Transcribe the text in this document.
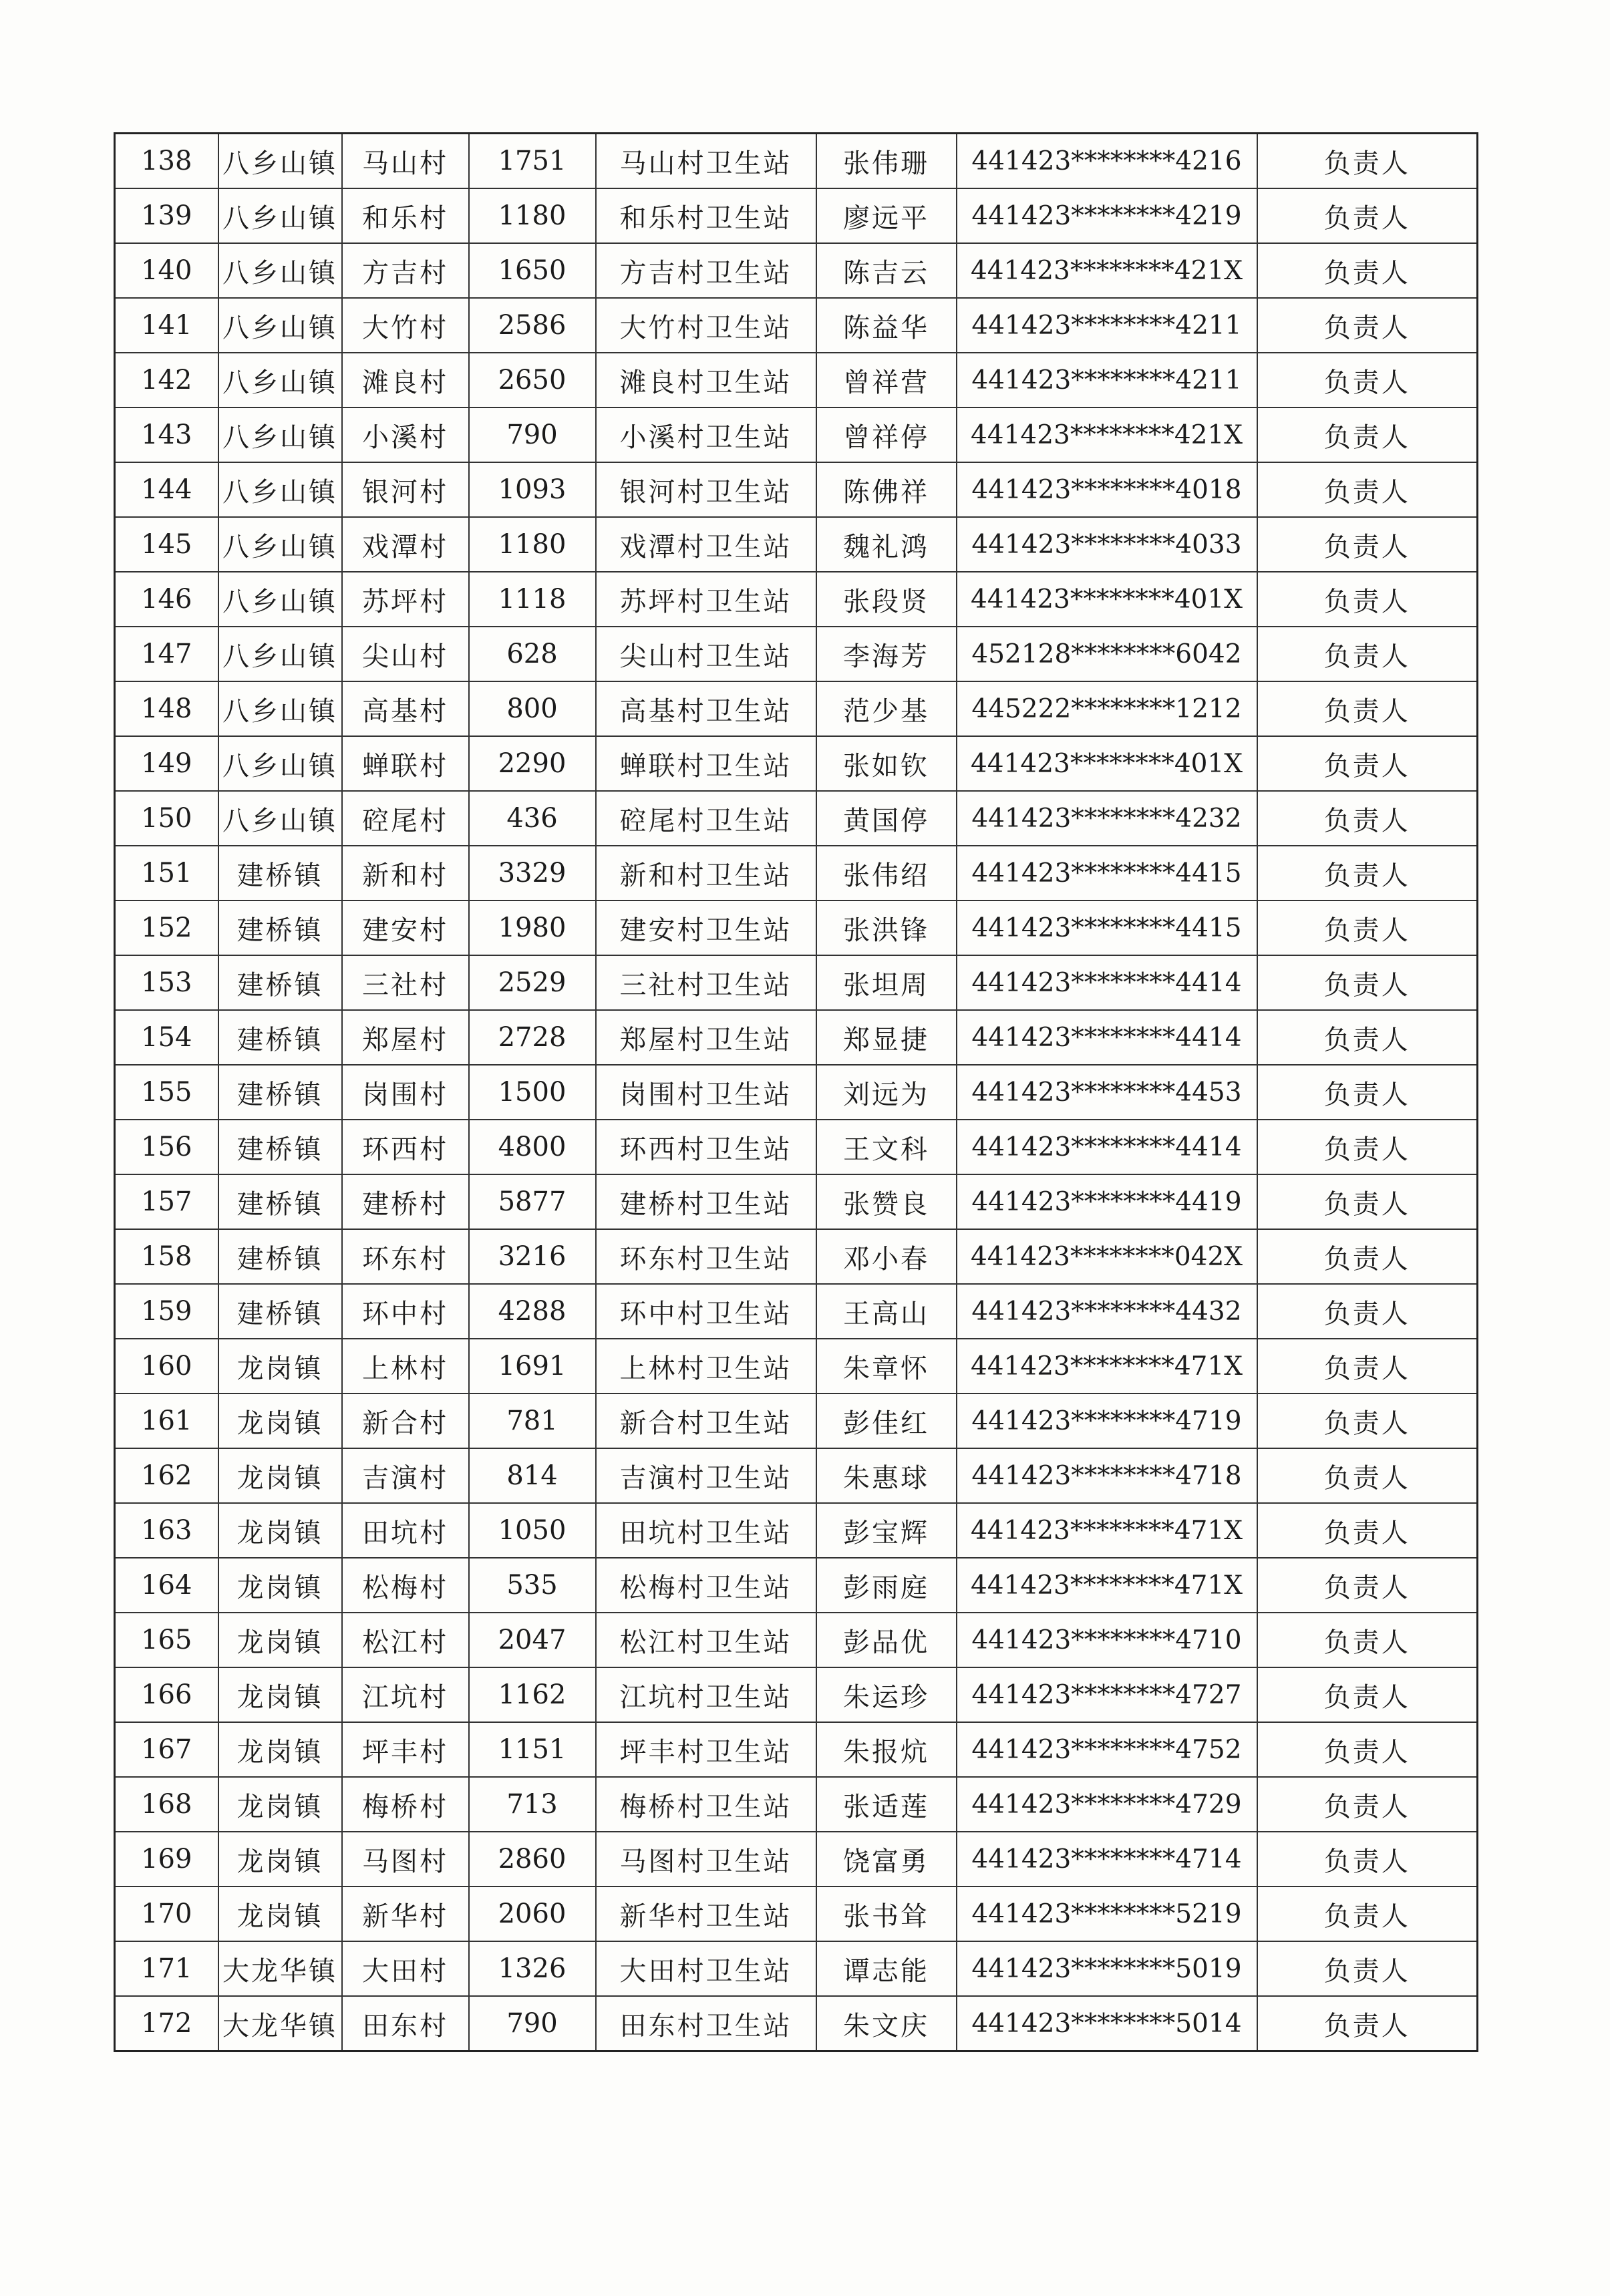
138	八乡山镇	马山村	1751	马山村卫生站	张伟珊	441423********4216	负责人
139	八乡山镇	和乐村	1180	和乐村卫生站	廖远平	441423********4219	负责人
140	八乡山镇	方吉村	1650	方吉村卫生站	陈吉云	441423********421X	负责人
141	八乡山镇	大竹村	2586	大竹村卫生站	陈益华	441423********4211	负责人
142	八乡山镇	滩良村	2650	滩良村卫生站	曾祥营	441423********4211	负责人
143	八乡山镇	小溪村	790	小溪村卫生站	曾祥停	441423********421X	负责人
144	八乡山镇	银河村	1093	银河村卫生站	陈佛祥	441423********4018	负责人
145	八乡山镇	戏潭村	1180	戏潭村卫生站	魏礼鸿	441423********4033	负责人
146	八乡山镇	苏坪村	1118	苏坪村卫生站	张段贤	441423********401X	负责人
147	八乡山镇	尖山村	628	尖山村卫生站	李海芳	452128********6042	负责人
148	八乡山镇	高基村	800	高基村卫生站	范少基	445222********1212	负责人
149	八乡山镇	蝉联村	2290	蝉联村卫生站	张如钦	441423********401X	负责人
150	八乡山镇	硿尾村	436	硿尾村卫生站	黄国停	441423********4232	负责人
151	建桥镇	新和村	3329	新和村卫生站	张伟绍	441423********4415	负责人
152	建桥镇	建安村	1980	建安村卫生站	张洪锋	441423********4415	负责人
153	建桥镇	三社村	2529	三社村卫生站	张坦周	441423********4414	负责人
154	建桥镇	郑屋村	2728	郑屋村卫生站	郑显捷	441423********4414	负责人
155	建桥镇	岗围村	1500	岗围村卫生站	刘远为	441423********4453	负责人
156	建桥镇	环西村	4800	环西村卫生站	王文科	441423********4414	负责人
157	建桥镇	建桥村	5877	建桥村卫生站	张赞良	441423********4419	负责人
158	建桥镇	环东村	3216	环东村卫生站	邓小春	441423********042X	负责人
159	建桥镇	环中村	4288	环中村卫生站	王高山	441423********4432	负责人
160	龙岗镇	上林村	1691	上林村卫生站	朱章怀	441423********471X	负责人
161	龙岗镇	新合村	781	新合村卫生站	彭佳红	441423********4719	负责人
162	龙岗镇	吉演村	814	吉演村卫生站	朱惠球	441423********4718	负责人
163	龙岗镇	田坑村	1050	田坑村卫生站	彭宝辉	441423********471X	负责人
164	龙岗镇	松梅村	535	松梅村卫生站	彭雨庭	441423********471X	负责人
165	龙岗镇	松江村	2047	松江村卫生站	彭品优	441423********4710	负责人
166	龙岗镇	江坑村	1162	江坑村卫生站	朱运珍	441423********4727	负责人
167	龙岗镇	坪丰村	1151	坪丰村卫生站	朱报炕	441423********4752	负责人
168	龙岗镇	梅桥村	713	梅桥村卫生站	张适莲	441423********4729	负责人
169	龙岗镇	马图村	2860	马图村卫生站	饶富勇	441423********4714	负责人
170	龙岗镇	新华村	2060	新华村卫生站	张书耸	441423********5219	负责人
171	大龙华镇	大田村	1326	大田村卫生站	谭志能	441423********5019	负责人
172	大龙华镇	田东村	790	田东村卫生站	朱文庆	441423********5014	负责人
